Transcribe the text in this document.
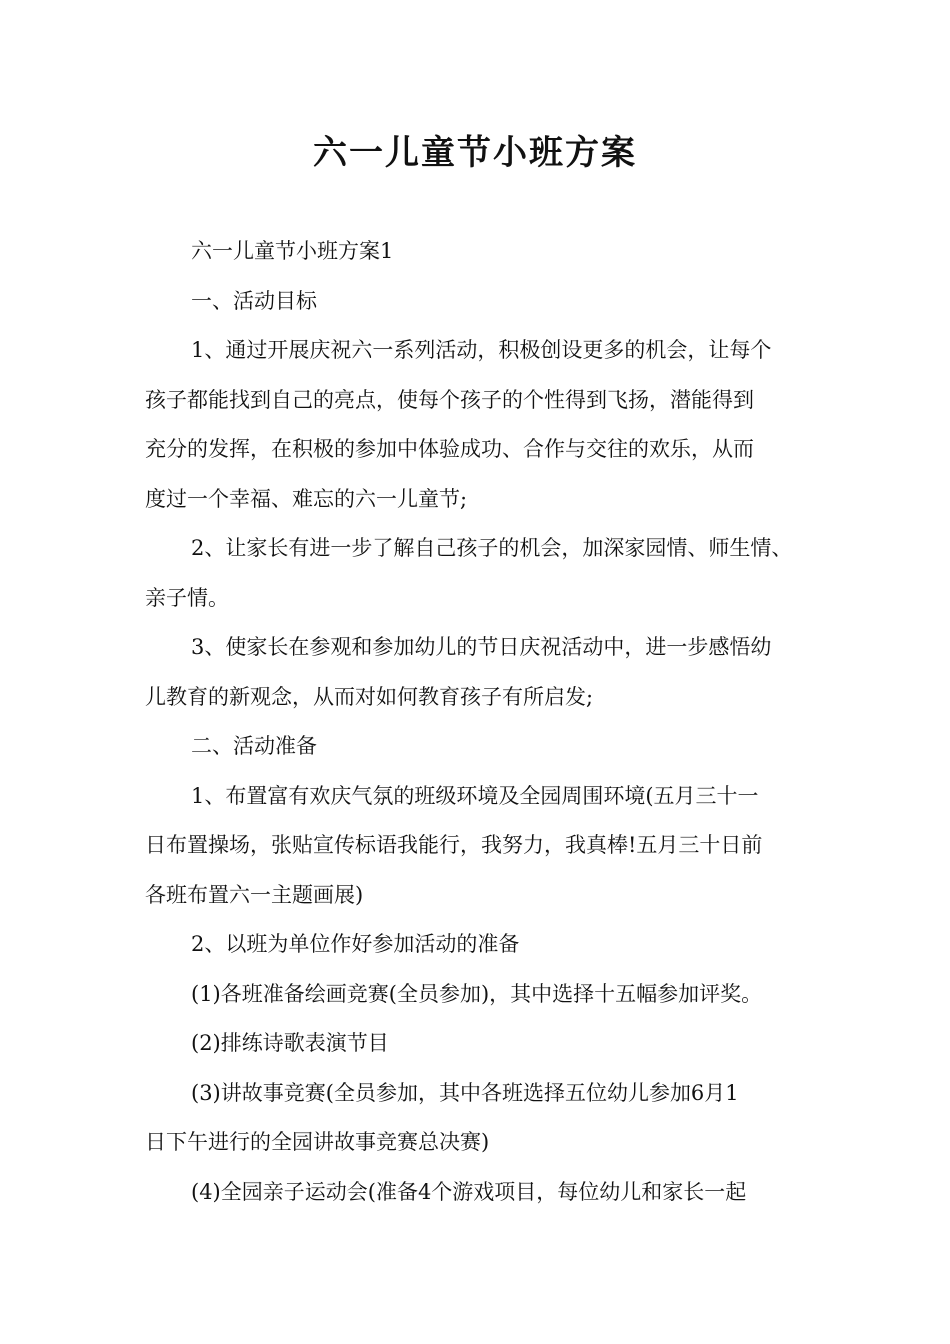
六一儿童节小班方案
六一儿童节小班方案1
一、活动目标
1、通过开展庆祝六一系列活动，积极创设更多的机会，让每个
孩子都能找到自己的亮点，使每个孩子的个性得到飞扬，潜能得到
充分的发挥，在积极的参加中体验成功、合作与交往的欢乐，从而
度过一个幸福、难忘的六一儿童节;
2、让家长有进一步了解自己孩子的机会，加深家园情、师生情、
亲子情。
3、使家长在参观和参加幼儿的节日庆祝活动中，进一步感悟幼
儿教育的新观念，从而对如何教育孩子有所启发;
二、活动准备
1、布置富有欢庆气氛的班级环境及全园周围环境(五月三十一
日布置操场，张贴宣传标语我能行，我努力，我真棒!五月三十日前
各班布置六一主题画展)
2、以班为单位作好参加活动的准备
(1)各班准备绘画竞赛(全员参加)，其中选择十五幅参加评奖。
(2)排练诗歌表演节目
(3)讲故事竞赛(全员参加，其中各班选择五位幼儿参加6月1
日下午进行的全园讲故事竞赛总决赛)
(4)全园亲子运动会(准备4个游戏项目，每位幼儿和家长一起
